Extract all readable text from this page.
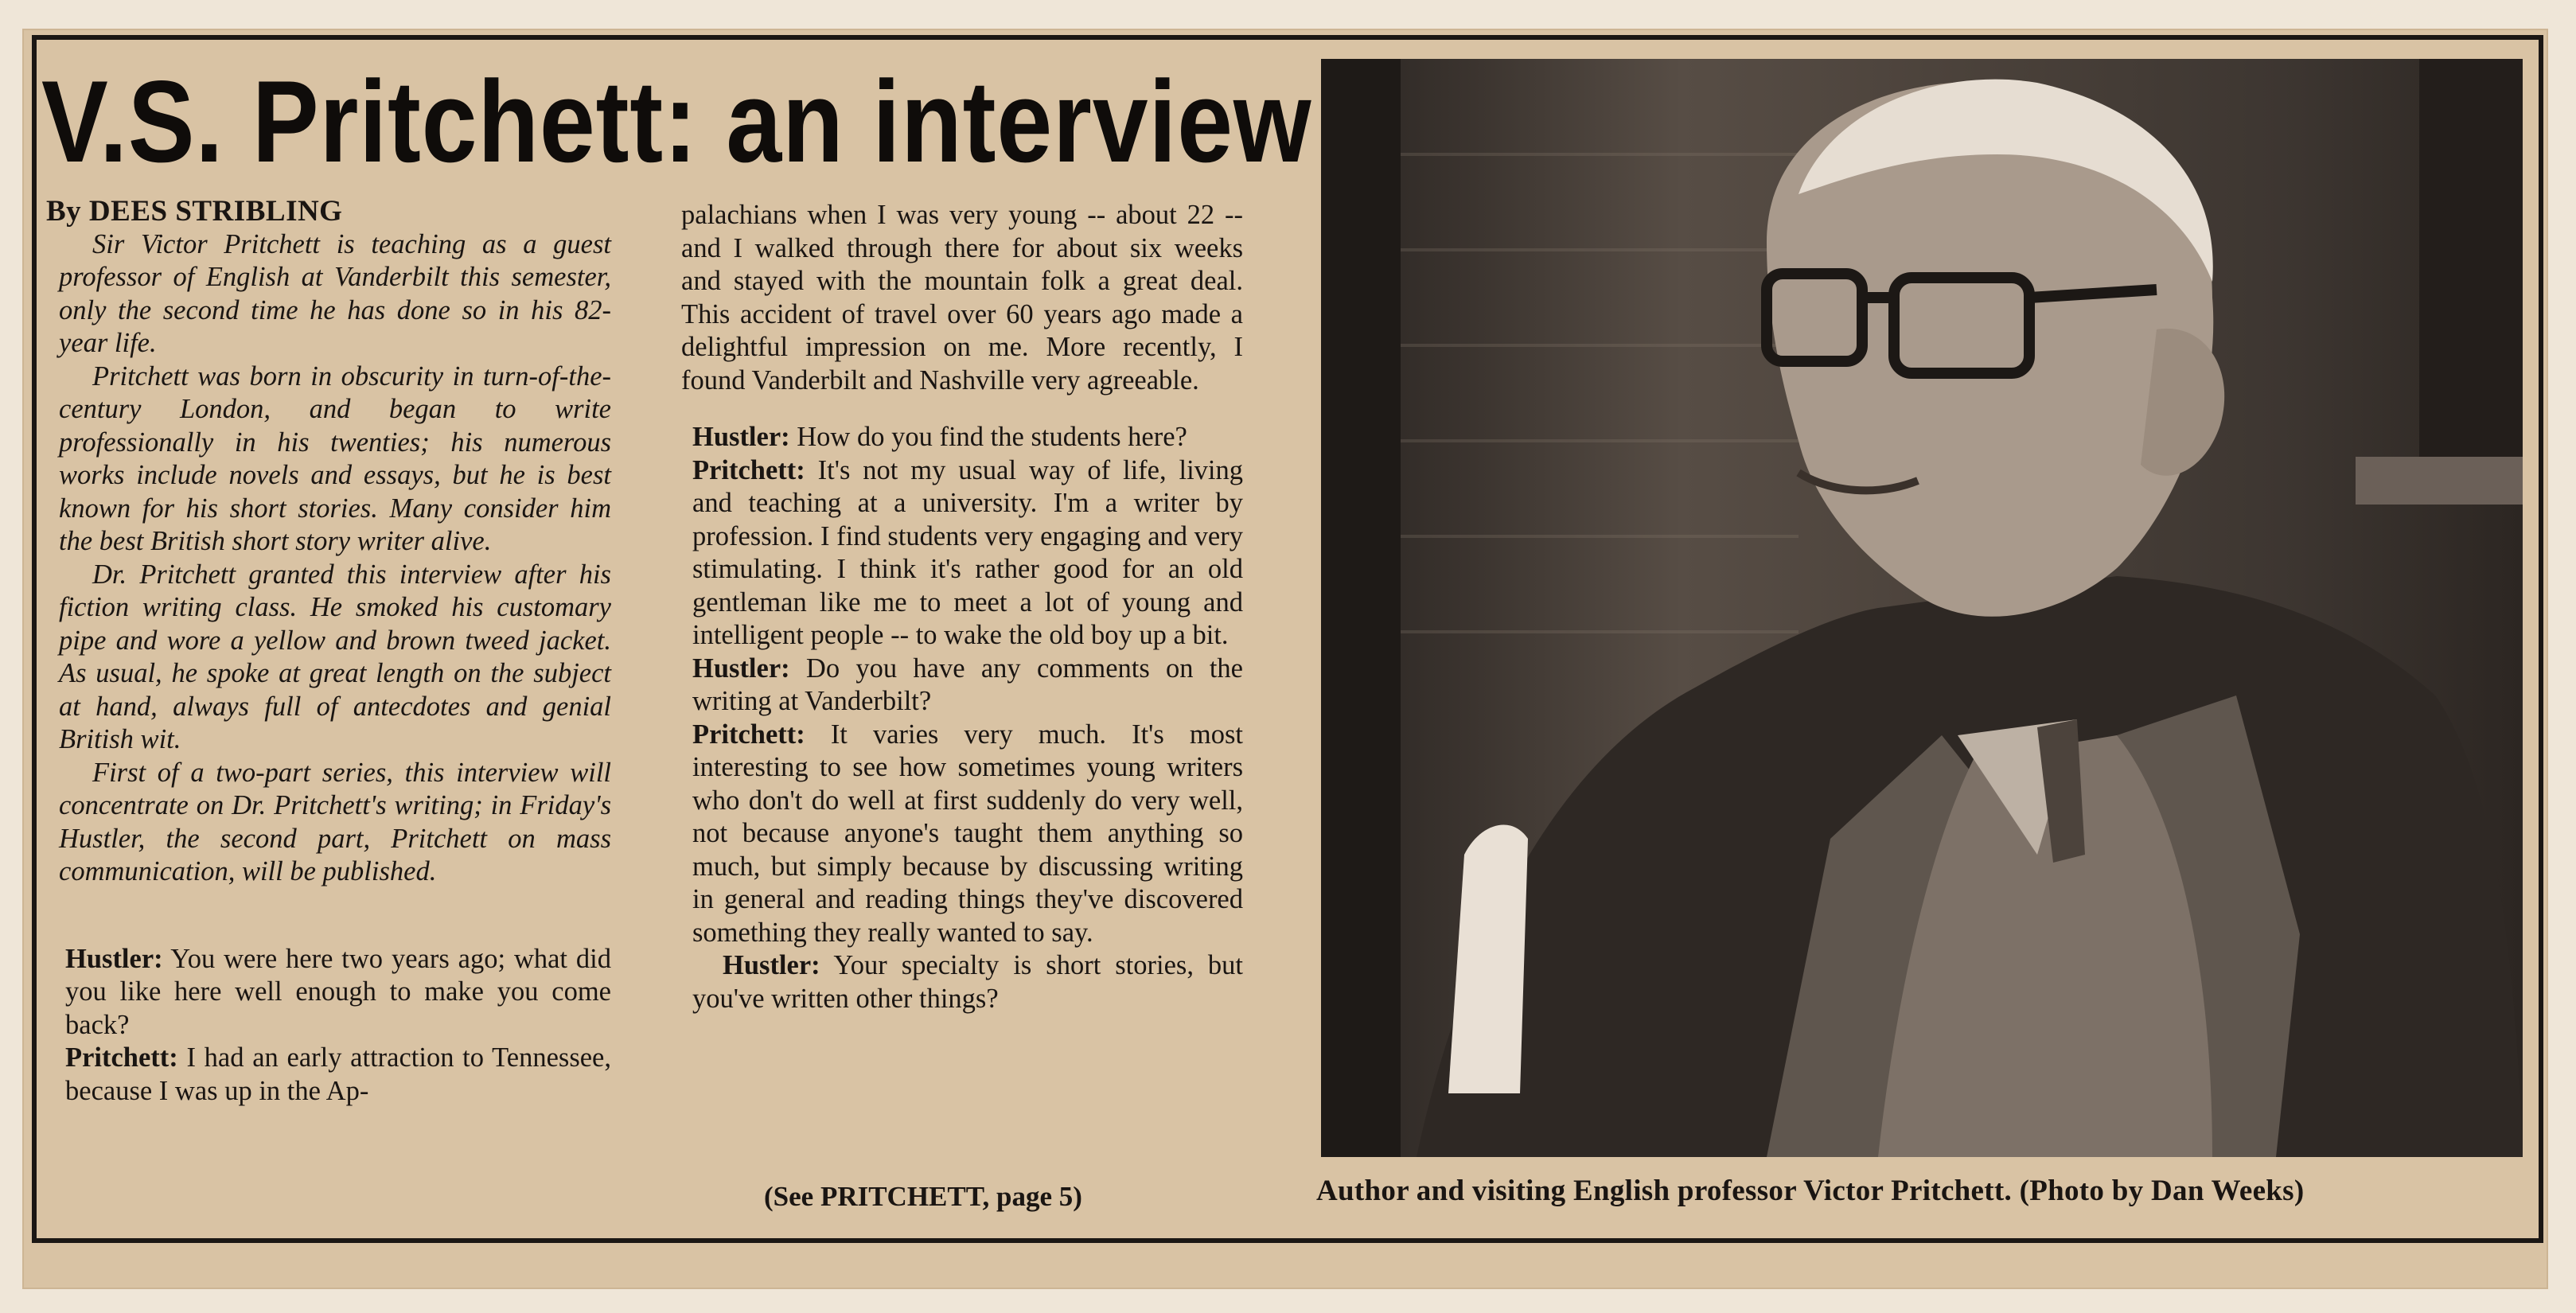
V.S. Pritchett: an interview

By DEES STRIBLING

Sir Victor Pritchett is teaching as a guest professor of English at Vanderbilt this semester, only the second time he has done so in his 82-year life.

Pritchett was born in obscurity in turn-of-the-century London, and began to write professionally in his twenties; his numerous works include novels and essays, but he is best known for his short stories. Many consider him the best British short story writer alive.

Dr. Pritchett granted this interview after his fiction writing class. He smoked his customary pipe and wore a yellow and brown tweed jacket. As usual, he spoke at great length on the subject at hand, always full of antecdotes and genial British wit.

First of a two-part series, this interview will concentrate on Dr. Pritchett's writing; in Friday's Hustler, the second part, Pritchett on mass communication, will be published.

Hustler: You were here two years ago; what did you like here well enough to make you come back?

Pritchett: I had an early attraction to Tennessee, because I was up in the Ap-

palachians when I was very young -- about 22 -- and I walked through there for about six weeks and stayed with the mountain folk a great deal. This accident of travel over 60 years ago made a delightful impression on me. More recently, I found Vanderbilt and Nashville very agreeable.

Hustler: How do you find the students here?

Pritchett: It's not my usual way of life, living and teaching at a university. I'm a writer by profession. I find students very engaging and very stimulating. I think it's rather good for an old gentleman like me to meet a lot of young and intelligent people -- to wake the old boy up a bit.

Hustler: Do you have any comments on the writing at Vanderbilt?

Pritchett: It varies very much. It's most interesting to see how sometimes young writers who don't do well at first suddenly do very well, not because anyone's taught them anything so much, but simply because by discussing writing in general and reading things they've discovered something they really wanted to say.

Hustler: Your specialty is short stories, but you've written other things?

(See PRITCHETT, page 5)	Author and visiting English professor Victor Pritchett. (Photo by Dan Weeks)
